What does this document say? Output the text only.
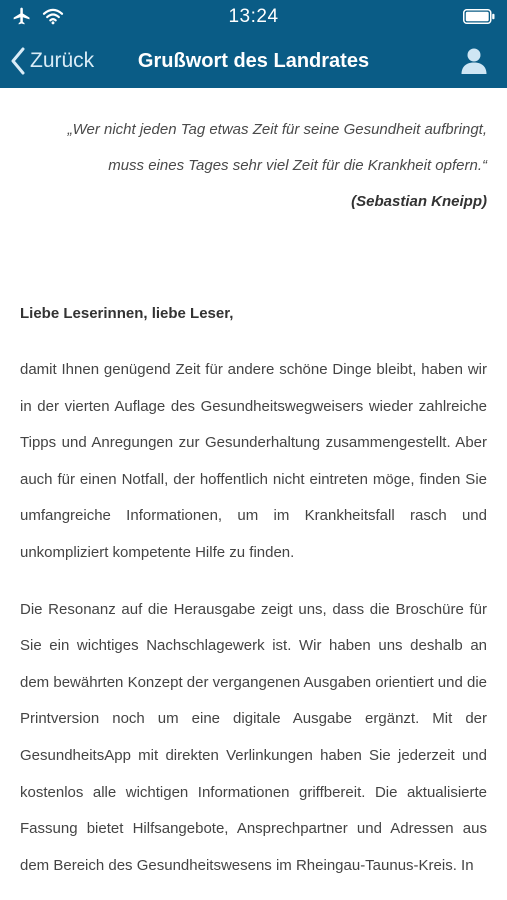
13:24
Zurück	Grußwort des Landrates

„Wer nicht jeden Tag etwas Zeit für seine Gesundheit aufbringt,

muss eines Tages sehr viel Zeit für die Krankheit opfern.“

(Sebastian Kneipp)

Liebe Leserinnen, liebe Leser,

damit Ihnen genügend Zeit für andere schöne Dinge bleibt, haben wir in der vierten Auflage des Gesundheitswegweisers wieder zahlreiche Tipps und Anregungen zur Gesunderhaltung zusammengestellt. Aber auch für einen Notfall, der hoffentlich nicht eintreten möge, finden Sie umfangreiche Informationen, um im Krankheitsfall rasch und unkompliziert kompetente Hilfe zu finden.

Die Resonanz auf die Herausgabe zeigt uns, dass die Broschüre für Sie ein wichtiges Nachschlagewerk ist. Wir haben uns deshalb an dem bewährten Konzept der vergangenen Ausgaben orientiert und die Printversion noch um eine digitale Ausgabe ergänzt. Mit der GesundheitsApp mit direkten Verlinkungen haben Sie jederzeit und kostenlos alle wichtigen Informationen griffbereit. Die aktualisierte Fassung bietet Hilfsangebote, Ansprechpartner und Adressen aus dem Bereich des Gesundheitswesens im Rheingau-Taunus-Kreis. In
